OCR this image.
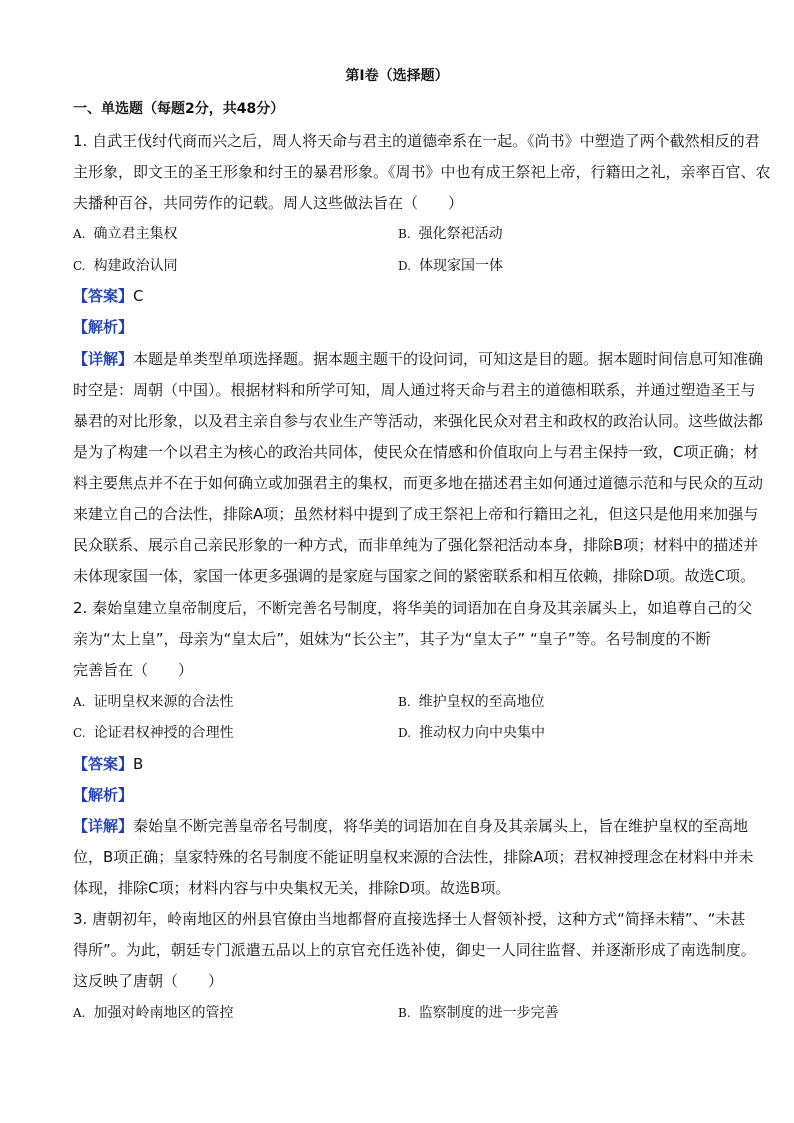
第Ⅰ卷（选择题）
一、单选题（每题2分，共48分）
1. 自武王伐纣代商而兴之后，周人将天命与君主的道德牵系在一起。《尚书》中塑造了两个截然相反的君
主形象，即文王的圣王形象和纣王的暴君形象。《周书》中也有成王祭祀上帝，行籍田之礼，亲率百官、农
夫播种百谷，共同劳作的记载。周人这些做法旨在（　　）
A. 确立君主集权	B. 强化祭祀活动
C. 构建政治认同	D. 体现家国一体
【答案】C
【解析】
【详解】本题是单类型单项选择题。据本题主题干的设问词，可知这是目的题。据本题时间信息可知准确
时空是：周朝（中国）。根据材料和所学可知，周人通过将天命与君主的道德相联系，并通过塑造圣王与
暴君的对比形象，以及君主亲自参与农业生产等活动，来强化民众对君主和政权的政治认同。这些做法都
是为了构建一个以君主为核心的政治共同体，使民众在情感和价值取向上与君主保持一致，C项正确；材
料主要焦点并不在于如何确立或加强君主的集权，而更多地在描述君主如何通过道德示范和与民众的互动
来建立自己的合法性，排除A项；虽然材料中提到了成王祭祀上帝和行籍田之礼，但这只是他用来加强与
民众联系、展示自己亲民形象的一种方式，而非单纯为了强化祭祀活动本身，排除B项；材料中的描述并
未体现家国一体，家国一体更多强调的是家庭与国家之间的紧密联系和相互依赖，排除D项。故选C项。
2. 秦始皇建立皇帝制度后，不断完善名号制度，将华美的词语加在自身及其亲属头上，如追尊自己的父
亲为“太上皇”，母亲为“皇太后”，姐妹为“长公主”，其子为“皇太子” “皇子”等。名号制度的不断
完善旨在（　　）
A. 证明皇权来源的合法性	B. 维护皇权的至高地位
C. 论证君权神授的合理性	D. 推动权力向中央集中
【答案】B
【解析】
【详解】秦始皇不断完善皇帝名号制度，将华美的词语加在自身及其亲属头上，旨在维护皇权的至高地
位，B项正确；皇家特殊的名号制度不能证明皇权来源的合法性，排除A项；君权神授理念在材料中并未
体现，排除C项；材料内容与中央集权无关，排除D项。故选B项。
3. 唐朝初年，岭南地区的州县官僚由当地都督府直接选择士人督领补授，这种方式“简择未精”、“未甚
得所”。为此，朝廷专门派遣五品以上的京官充任选补使，御史一人同往监督、并逐渐形成了南选制度。
这反映了唐朝（　　）
A. 加强对岭南地区的管控	B. 监察制度的进一步完善
